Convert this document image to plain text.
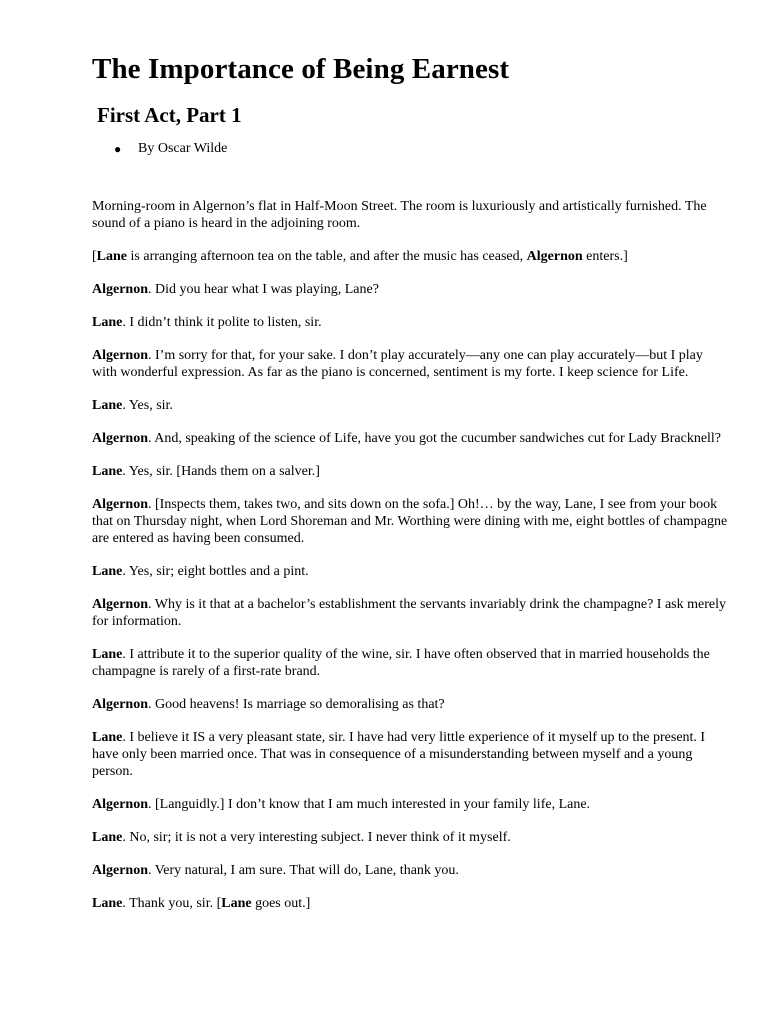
The Importance of Being Earnest
First Act, Part 1
● By Oscar Wilde

Morning-room in Algernon’s flat in Half-Moon Street. The room is luxuriously and artistically furnished. The sound of a piano is heard in the adjoining room.

[Lane is arranging afternoon tea on the table, and after the music has ceased, Algernon enters.]

Algernon. Did you hear what I was playing, Lane?

Lane. I didn’t think it polite to listen, sir.

Algernon. I’m sorry for that, for your sake. I don’t play accurately—any one can play accurately—but I play with wonderful expression. As far as the piano is concerned, sentiment is my forte. I keep science for Life.

Lane. Yes, sir.

Algernon. And, speaking of the science of Life, have you got the cucumber sandwiches cut for Lady Bracknell?

Lane. Yes, sir. [Hands them on a salver.]

Algernon. [Inspects them, takes two, and sits down on the sofa.] Oh!… by the way, Lane, I see from your book that on Thursday night, when Lord Shoreman and Mr. Worthing were dining with me, eight bottles of champagne are entered as having been consumed.

Lane. Yes, sir; eight bottles and a pint.

Algernon. Why is it that at a bachelor’s establishment the servants invariably drink the champagne? I ask merely for information.

Lane. I attribute it to the superior quality of the wine, sir. I have often observed that in married households the champagne is rarely of a first-rate brand.

Algernon. Good heavens! Is marriage so demoralising as that?

Lane. I believe it IS a very pleasant state, sir. I have had very little experience of it myself up to the present. I have only been married once. That was in consequence of a misunderstanding between myself and a young person.

Algernon. [Languidly.] I don’t know that I am much interested in your family life, Lane.

Lane. No, sir; it is not a very interesting subject. I never think of it myself.

Algernon. Very natural, I am sure. That will do, Lane, thank you.

Lane. Thank you, sir. [Lane goes out.]
